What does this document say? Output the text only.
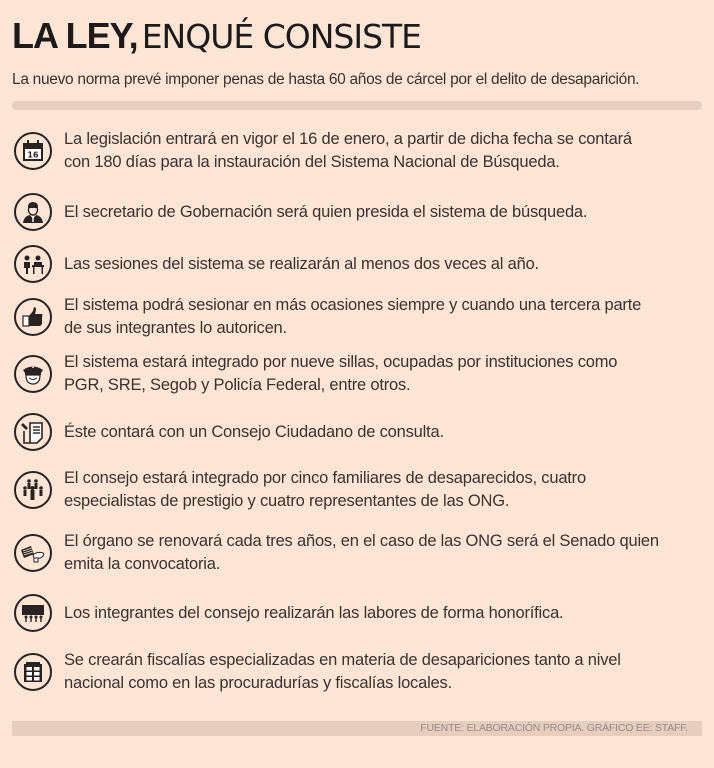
LA LEY, ENQUÉ CONSISTE
La nuevo norma prevé imponer penas de hasta 60 años de cárcel por el delito de desaparición.
16
La legislación entrará en vigor el 16 de enero, a partir de dicha fecha se contará
con 180 días para la instauración del Sistema Nacional de Búsqueda.
El secretario de Gobernación será quien presida el sistema de búsqueda.
Las sesiones del sistema se realizarán al menos dos veces al año.
El sistema podrá sesionar en más ocasiones siempre y cuando una tercera parte
de sus integrantes lo autoricen.
El sistema estará integrado por nueve sillas, ocupadas por instituciones como
PGR, SRE, Segob y Policía Federal, entre otros.
Éste contará con un Consejo Ciudadano de consulta.
El consejo estará integrado por cinco familiares de desaparecidos, cuatro
especialistas de prestigio y cuatro representantes de las ONG.
El órgano se renovará cada tres años, en el caso de las ONG será el Senado quien
emita la convocatoria.
Los integrantes del consejo realizarán las labores de forma honorífica.
Se crearán fiscalías especializadas en materia de desapariciones tanto a nivel
nacional como en las procuradurías y fiscalías locales.
FUENTE: ELABORACIÓN PROPIA. GRÁFICO EE: STAFF.
